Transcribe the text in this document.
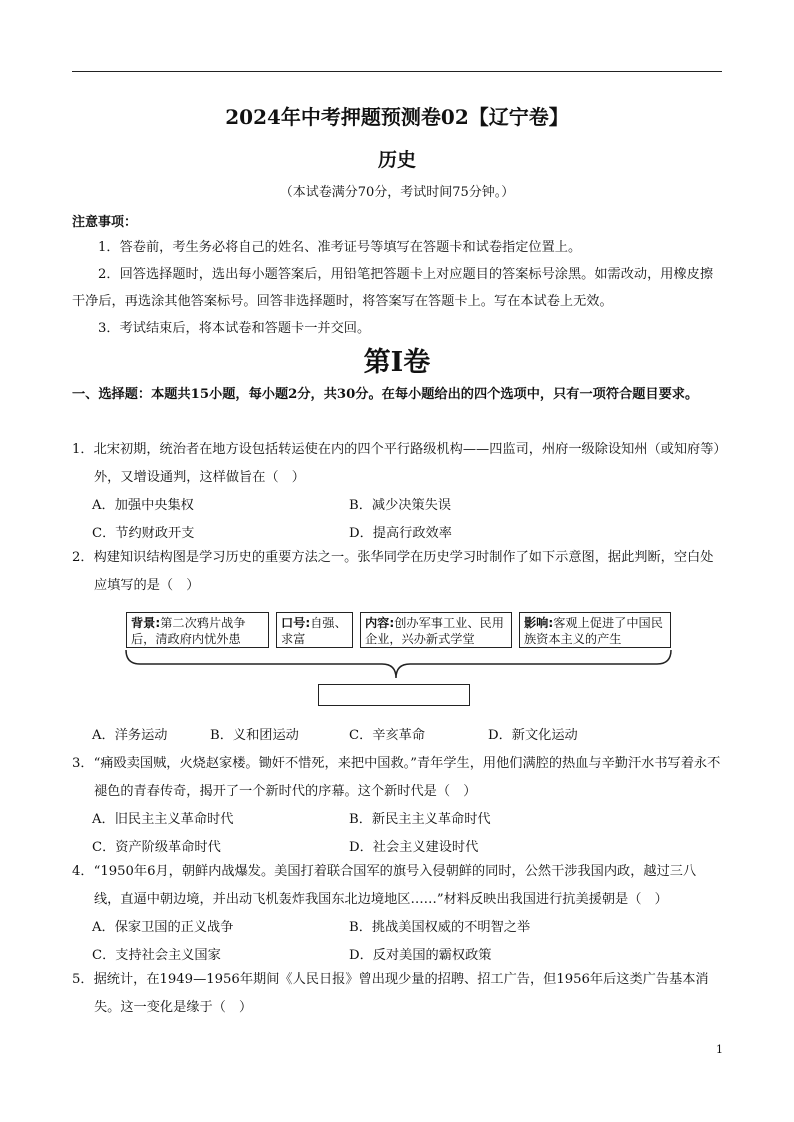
2024年中考押题预测卷02【辽宁卷】
历史
（本试卷满分70分，考试时间75分钟。）
注意事项：

1．答卷前，考生务必将自己的姓名、准考证号等填写在答题卡和试卷指定位置上。

2．回答选择题时，选出每小题答案后，用铅笔把答题卡上对应题目的答案标号涂黑。如需改动，用橡皮擦干净后，再选涂其他答案标号。回答非选择题时，将答案写在答题卡上。写在本试卷上无效。

3．考试结束后，将本试卷和答题卡一并交回。

第I卷
一、选择题：本题共15小题，每小题2分，共30分。在每小题给出的四个选项中，只有一项符合题目要求。

1．北宋初期，统治者在地方设包括转运使在内的四个平行路级机构——四监司，州府一级除设知州（或知府等）外，又增设通判，这样做旨在（　）

A．加强中央集权	B．减少决策失误
C．节约财政开支	D．提高行政效率

2．构建知识结构图是学习历史的重要方法之一。张华同学在历史学习时制作了如下示意图，据此判断，空白处应填写的是（　）

背景:第二次鸦片战争后，清政府内忧外患
口号:自强、求富
内容:创办军事工业、民用企业，兴办新式学堂
影响:客观上促进了中国民族资本主义的产生
A．洋务运动	B．义和团运动	C．辛亥革命	D．新文化运动

3．“痛殴卖国贼，火烧赵家楼。锄奸不惜死，来把中国救。”青年学生，用他们满腔的热血与辛勤汗水书写着永不褪色的青春传奇，揭开了一个新时代的序幕。这个新时代是（　）

A．旧民主主义革命时代	B．新民主主义革命时代
C．资产阶级革命时代	D．社会主义建设时代

4．“1950年6月，朝鲜内战爆发。美国打着联合国军的旗号入侵朝鲜的同时，公然干涉我国内政，越过三八线，直逼中朝边境，并出动飞机轰炸我国东北边境地区……”材料反映出我国进行抗美援朝是（　）

A．保家卫国的正义战争	B．挑战美国权威的不明智之举
C．支持社会主义国家	D．反对美国的霸权政策

5．据统计，在1949—1956年期间《人民日报》曾出现少量的招聘、招工广告，但1956年后这类广告基本消失。这一变化是缘于（　）

1
